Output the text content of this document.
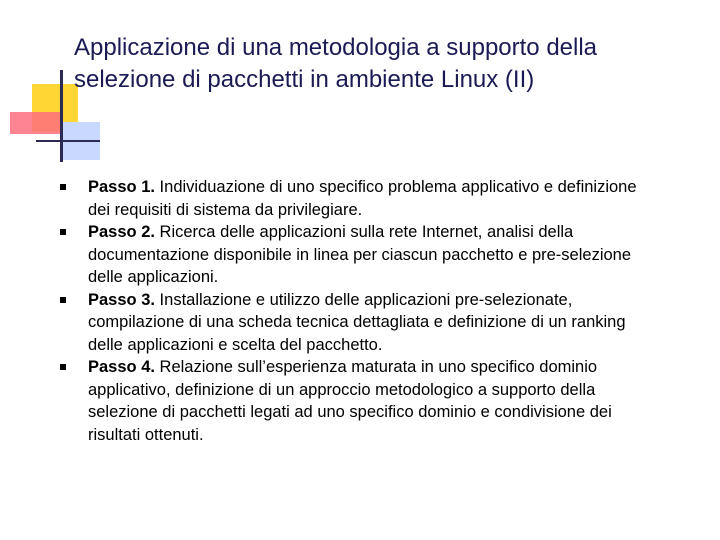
Applicazione di una metodologia a supporto della selezione di pacchetti in ambiente Linux (II)
Passo 1. Individuazione di uno specifico problema applicativo e definizione dei requisiti di sistema da privilegiare.
Passo 2. Ricerca delle applicazioni sulla rete Internet, analisi della documentazione disponibile in linea per ciascun pacchetto e pre-selezione delle applicazioni.
Passo 3. Installazione e utilizzo delle applicazioni pre-selezionate, compilazione di una scheda tecnica dettagliata e definizione di un ranking delle applicazioni e scelta del pacchetto.
Passo 4. Relazione sull’esperienza maturata in uno specifico dominio applicativo, definizione di un approccio metodologico a supporto della selezione di pacchetti legati ad uno specifico dominio e condivisione dei risultati ottenuti.
